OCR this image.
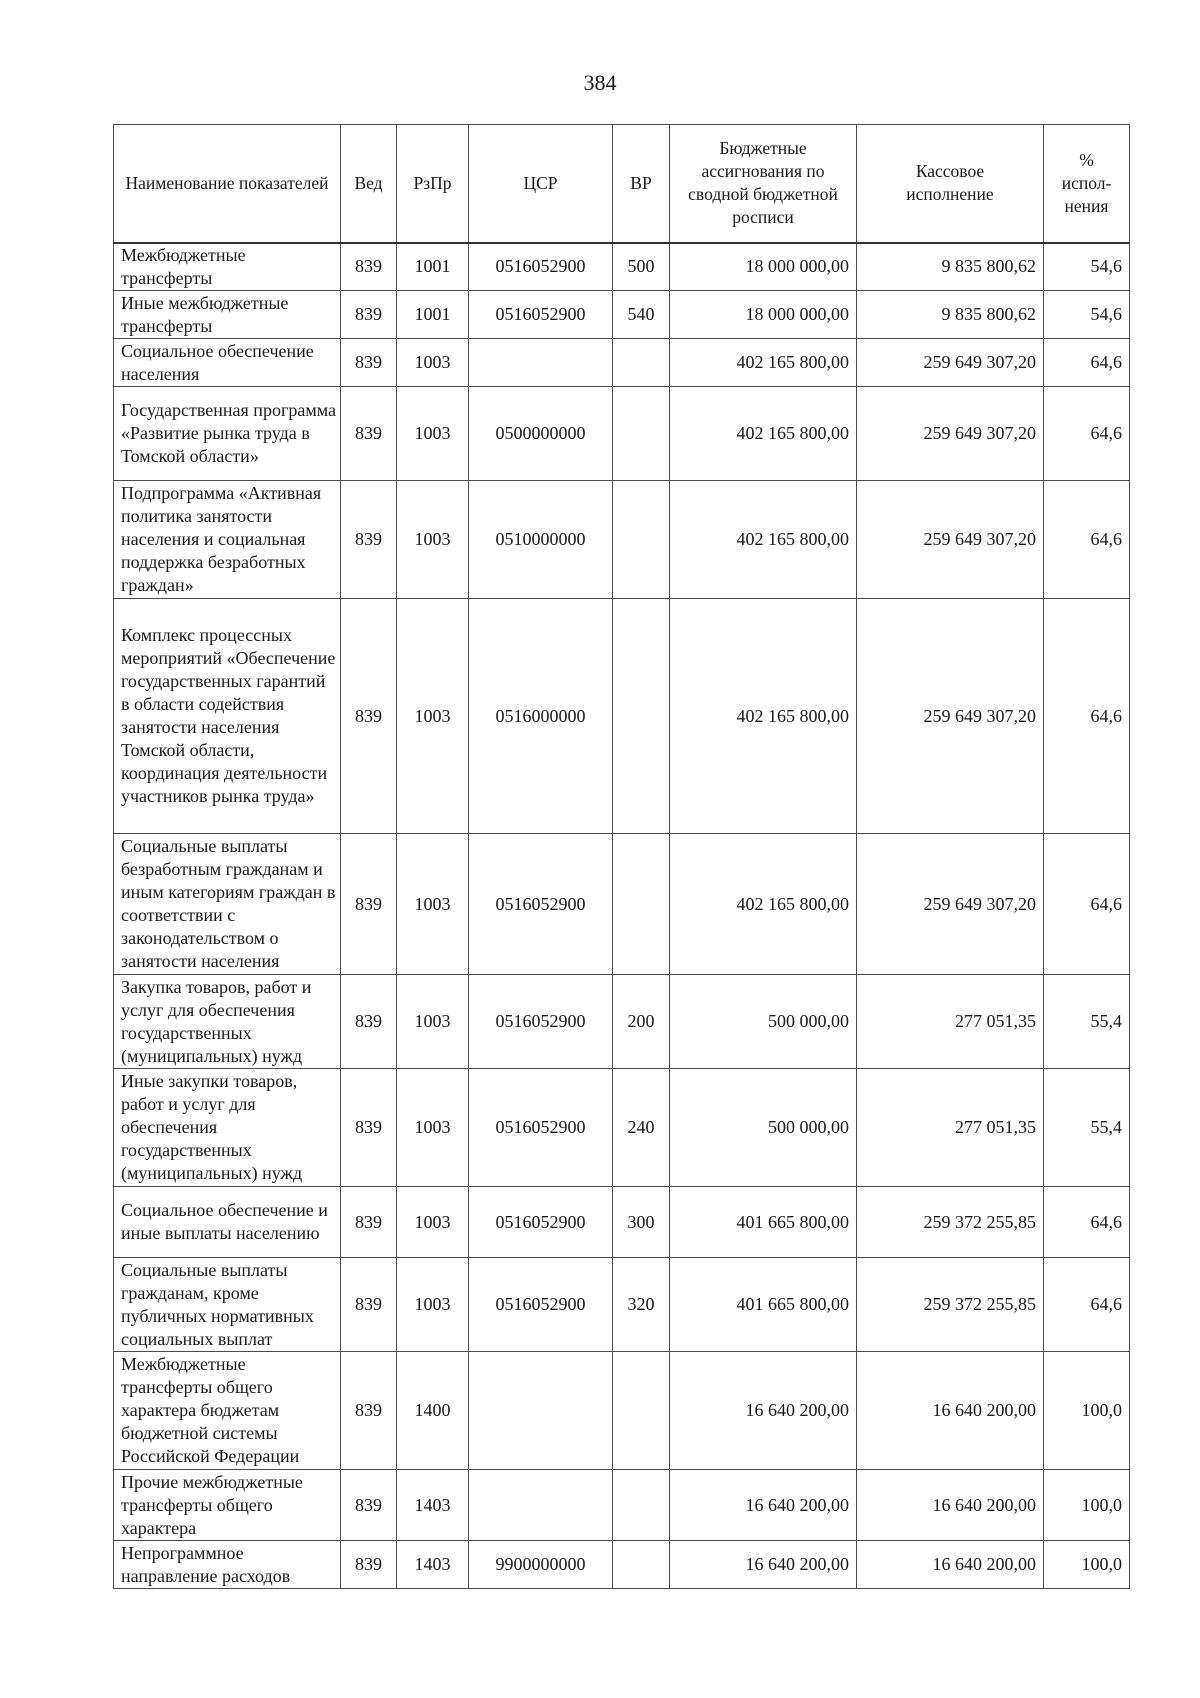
384
Наименование показателей	Вед	РзПр	ЦСР	ВР	Бюджетные ассигнования по сводной бюджетной росписи	Кассовое исполнение	% испол-нения
Межбюджетные трансферты	839	1001	0516052900	500	18 000 000,00	9 835 800,62	54,6
Иные межбюджетные трансферты	839	1001	0516052900	540	18 000 000,00	9 835 800,62	54,6
Социальное обеспечение населения	839	1003			402 165 800,00	259 649 307,20	64,6
Государственная программа «Развитие рынка труда в Томской области»	839	1003	0500000000		402 165 800,00	259 649 307,20	64,6
Подпрограмма «Активная политика занятости населения и социальная поддержка безработных граждан»	839	1003	0510000000		402 165 800,00	259 649 307,20	64,6
Комплекс процессных мероприятий «Обеспечение государственных гарантий в области содействия занятости населения Томской области, координация деятельности участников рынка труда»	839	1003	0516000000		402 165 800,00	259 649 307,20	64,6
Социальные выплаты безработным гражданам и иным категориям граждан в соответствии с законодательством о занятости населения	839	1003	0516052900		402 165 800,00	259 649 307,20	64,6
Закупка товаров, работ и услуг для обеспечения государственных (муниципальных) нужд	839	1003	0516052900	200	500 000,00	277 051,35	55,4
Иные закупки товаров, работ и услуг для обеспечения государственных (муниципальных) нужд	839	1003	0516052900	240	500 000,00	277 051,35	55,4
Социальное обеспечение и иные выплаты населению	839	1003	0516052900	300	401 665 800,00	259 372 255,85	64,6
Социальные выплаты гражданам, кроме публичных нормативных социальных выплат	839	1003	0516052900	320	401 665 800,00	259 372 255,85	64,6
Межбюджетные трансферты общего характера бюджетам бюджетной системы Российской Федерации	839	1400			16 640 200,00	16 640 200,00	100,0
Прочие межбюджетные трансферты общего характера	839	1403			16 640 200,00	16 640 200,00	100,0
Непрограммное направление расходов	839	1403	9900000000		16 640 200,00	16 640 200,00	100,0
